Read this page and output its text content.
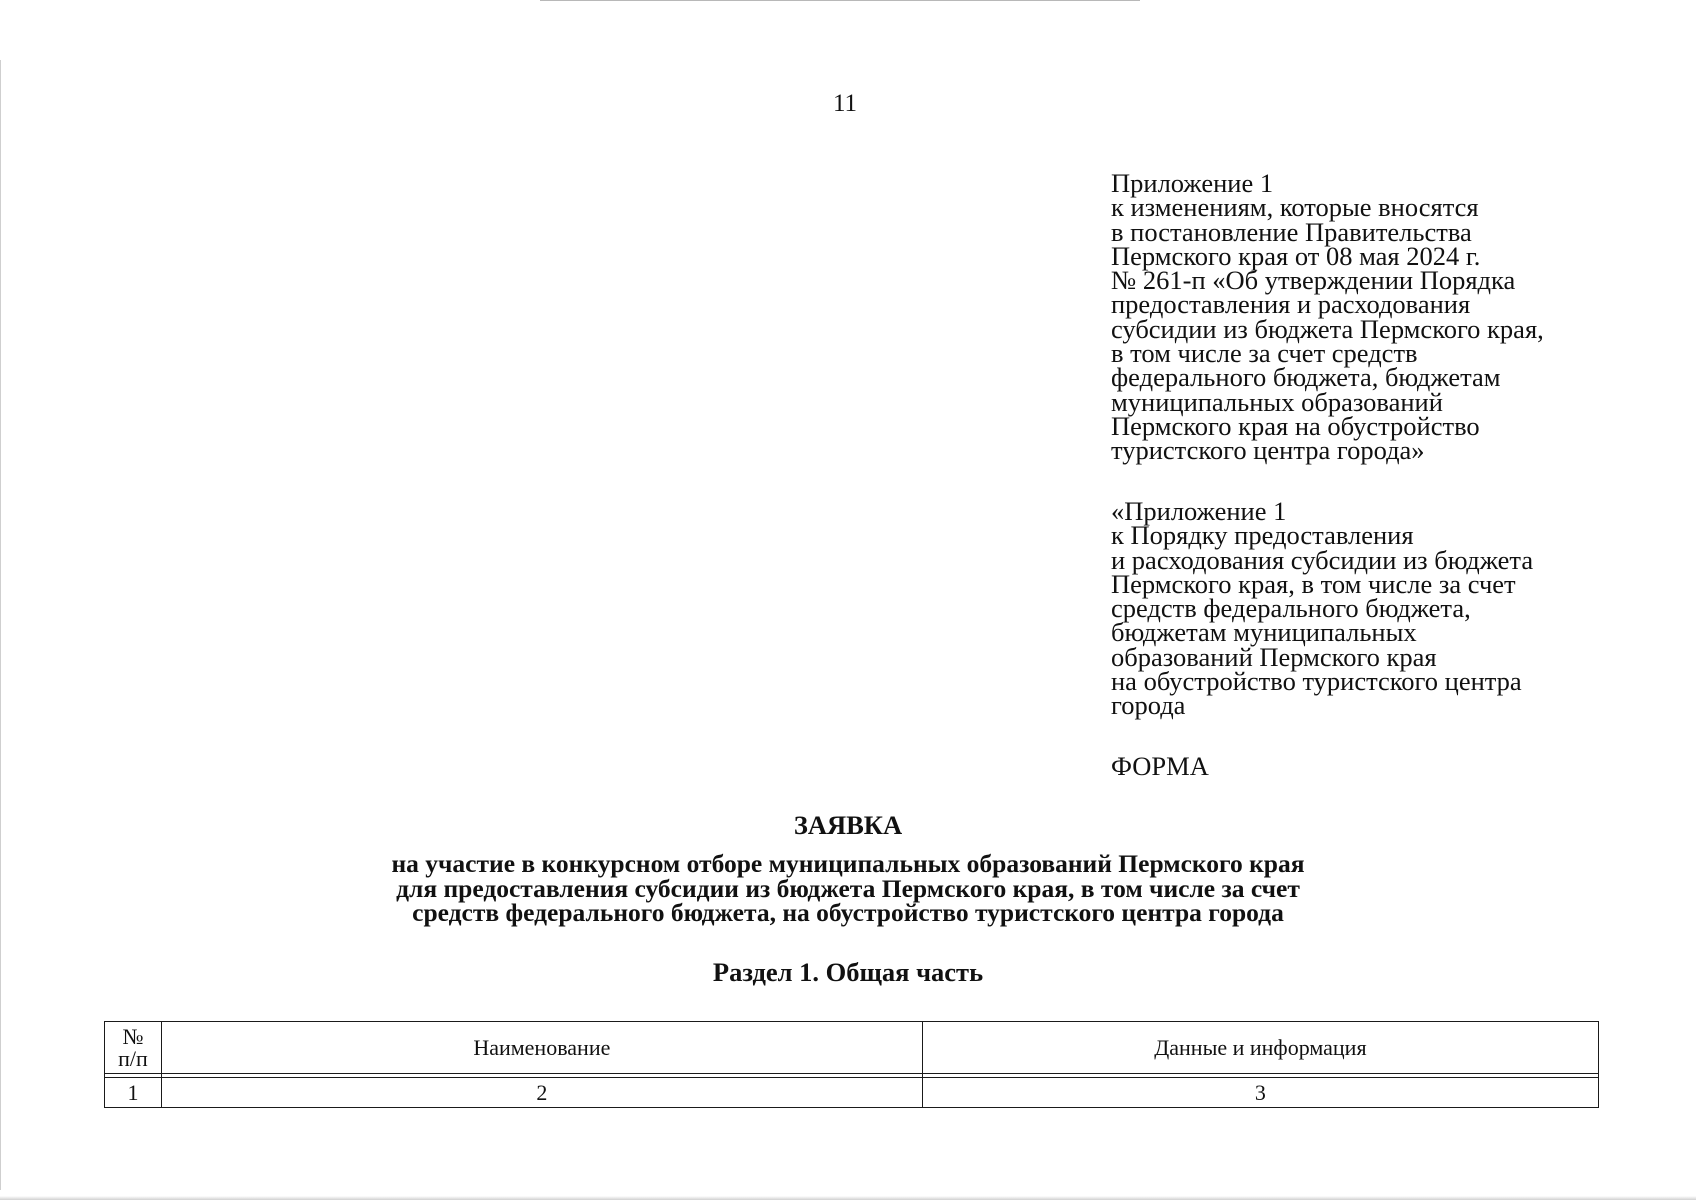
11
Приложение 1
к изменениям, которые вносятся
в постановление Правительства
Пермского края от 08 мая 2024 г.
№ 261-п «Об утверждении Порядка
предоставления и расходования
субсидии из бюджета Пермского края,
в том числе за счет средств
федерального бюджета, бюджетам
муниципальных образований
Пермского края на обустройство
туристского центра города»
«Приложение 1
к Порядку предоставления
и расходования субсидии из бюджета
Пермского края, в том числе за счет
средств федерального бюджета,
бюджетам муниципальных
образований Пермского края
на обустройство туристского центра
города
ФОРМА
ЗАЯВКА
на участие в конкурсном отборе муниципальных образований Пермского края
для предоставления субсидии из бюджета Пермского края, в том числе за счет
средств федерального бюджета, на обустройство туристского центра города
Раздел 1. Общая часть
№
п/п	Наименование	Данные и информация

1	2	3
